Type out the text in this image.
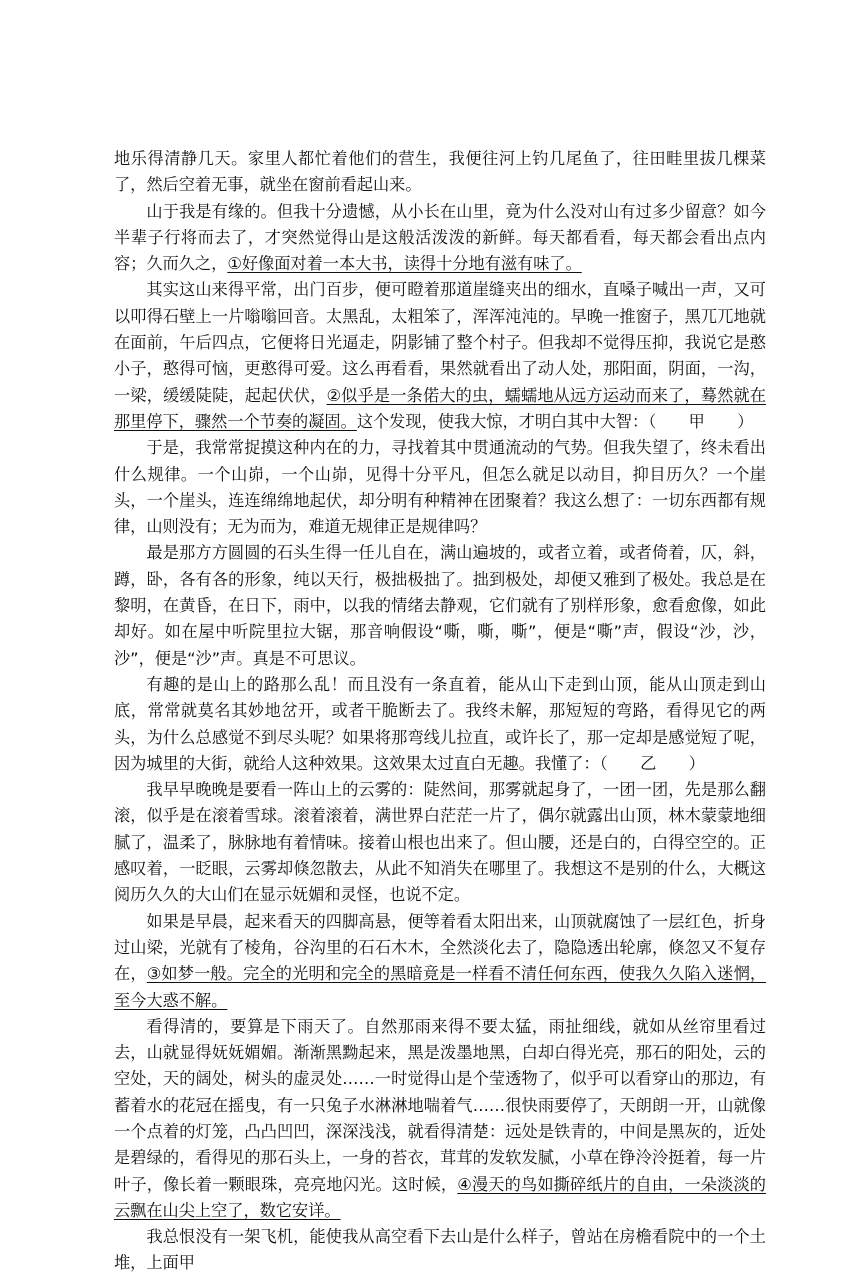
地乐得清静几天。家里人都忙着他们的营生，我便往河上钓几尾鱼了，往田畦里拔几棵菜了，然后空着无事，就坐在窗前看起山来。

山于我是有缘的。但我十分遗憾，从小长在山里，竟为什么没对山有过多少留意？如今半辈子行将而去了，才突然觉得山是这般活泼泼的新鲜。每天都看看，每天都会看出点内容；久而久之，①好像面对着一本大书，读得十分地有滋有味了。

其实这山来得平常，出门百步，便可瞪着那道崖缝夹出的细水，直嗓子喊出一声，又可以叩得石壁上一片嗡嗡回音。太黑乱，太粗笨了，浑浑沌沌的。早晚一推窗子，黑兀兀地就在面前，午后四点，它便将日光逼走，阴影铺了整个村子。但我却不觉得压抑，我说它是憨小子，憨得可恼，更憨得可爱。这么再看看，果然就看出了动人处，那阳面，阴面，一沟，一梁，缓缓陡陡，起起伏伏，②似乎是一条偌大的虫，蠕蠕地从远方运动而来了，蓦然就在那里停下，骤然一个节奏的凝固。这个发现，使我大惊，才明白其中大智：（　　甲　　）

于是，我常常捉摸这种内在的力，寻找着其中贯通流动的气势。但我失望了，终未看出什么规律。一个山峁，一个山峁，见得十分平凡，但怎么就足以动目，抑目历久？一个崖头，一个崖头，连连绵绵地起伏，却分明有种精神在团聚着？我这么想了：一切东西都有规律，山则没有；无为而为，难道无规律正是规律吗？

最是那方方圆圆的石头生得一任儿自在，满山遍坡的，或者立着，或者倚着，仄，斜，蹲，卧，各有各的形象，纯以天行，极拙极拙了。拙到极处，却便又雅到了极处。我总是在黎明，在黄昏，在日下，雨中，以我的情绪去静观，它们就有了别样形象，愈看愈像，如此却好。如在屋中听院里拉大锯，那音响假设“嘶，嘶，嘶”，便是“嘶”声，假设“沙，沙，沙”，便是“沙”声。真是不可思议。

有趣的是山上的路那么乱！而且没有一条直着，能从山下走到山顶，能从山顶走到山底，常常就莫名其妙地岔开，或者干脆断去了。我终未解，那短短的弯路，看得见它的两头，为什么总感觉不到尽头呢？如果将那弯线儿拉直，或许长了，那一定却是感觉短了呢，因为城里的大街，就给人这种效果。这效果太过直白无趣。我懂了：（　　乙　　）

我早早晚晚是要看一阵山上的云雾的：陡然间，那雾就起身了，一团一团，先是那么翻滚，似乎是在滚着雪球。滚着滚着，满世界白茫茫一片了，偶尔就露出山顶，林木蒙蒙地细腻了，温柔了，脉脉地有着情味。接着山根也出来了。但山腰，还是白的，白得空空的。正感叹着，一眨眼，云雾却倏忽散去，从此不知消失在哪里了。我想这不是别的什么，大概这阅历久久的大山们在显示妩媚和灵怪，也说不定。

如果是早晨，起来看天的四脚高悬，便等着看太阳出来，山顶就腐蚀了一层红色，折身过山梁，光就有了棱角，谷沟里的石石木木，全然淡化去了，隐隐透出轮廓，倏忽又不复存在，③如梦一般。完全的光明和完全的黑暗竟是一样看不清任何东西，使我久久陷入迷惘，至今大惑不解。

看得清的，要算是下雨天了。自然那雨来得不要太猛，雨扯细线，就如从丝帘里看过去，山就显得妩妩媚媚。渐渐黑黝起来，黑是泼墨地黑，白却白得光亮，那石的阳处，云的空处，天的阔处，树头的虚灵处……一时觉得山是个莹透物了，似乎可以看穿山的那边，有蓄着水的花冠在摇曳，有一只兔子水淋淋地喘着气……很快雨要停了，天朗朗一开，山就像一个点着的灯笼，凸凸凹凹，深深浅浅，就看得清楚：远处是铁青的，中间是黑灰的，近处是碧绿的，看得见的那石头上，一身的苔衣，茸茸的发软发腻，小草在铮泠泠挺着，每一片叶子，像长着一颗眼珠，亮亮地闪光。这时候，④漫天的鸟如撕碎纸片的自由，一朵淡淡的云飘在山尖上空了，数它安详。

我总恨没有一架飞机，能使我从高空看下去山是什么样子，曾站在房檐看院中的一个土堆，上面甲
